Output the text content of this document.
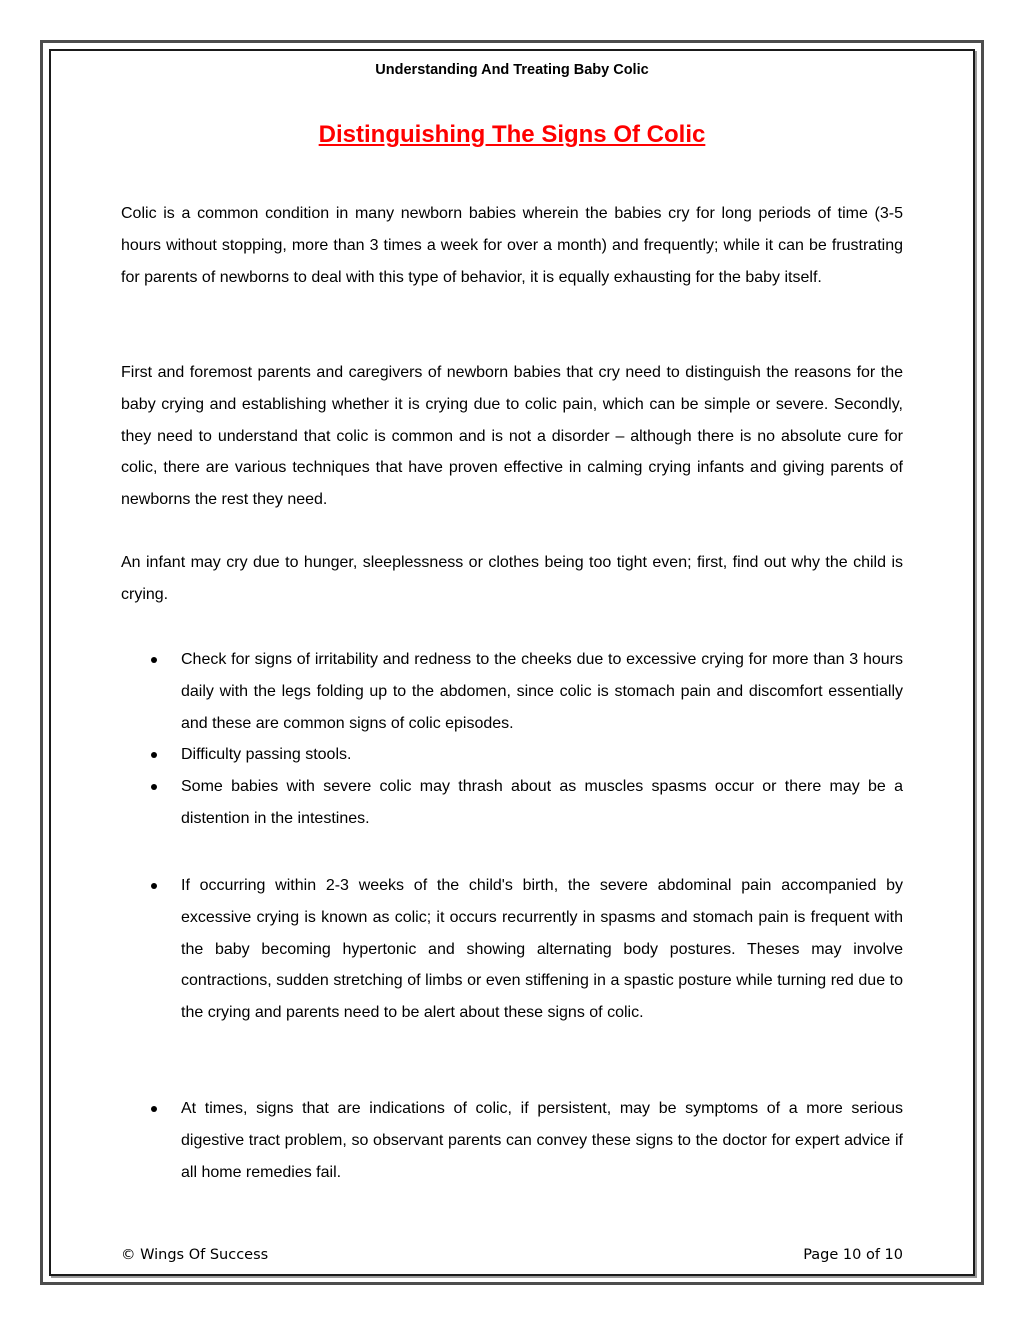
Understanding And Treating Baby Colic
Distinguishing The Signs Of Colic

Colic is a common condition in many newborn babies wherein the babies cry for long periods of time (3-5 hours without stopping, more than 3 times a week for over a month) and frequently; while it can be frustrating for parents of newborns to deal with this type of behavior, it is equally exhausting for the baby itself.

First and foremost parents and caregivers of newborn babies that cry need to distinguish the reasons for the baby crying and establishing whether it is crying due to colic pain, which can be simple or severe. Secondly, they need to understand that colic is common and is not a disorder – although there is no absolute cure for colic, there are various techniques that have proven effective in calming crying infants and giving parents of newborns the rest they need.

An infant may cry due to hunger, sleeplessness or clothes being too tight even; first, find out why the child is crying.

Check for signs of irritability and redness to the cheeks due to excessive crying for more than 3 hours daily with the legs folding up to the abdomen, since colic is stomach pain and discomfort essentially and these are common signs of colic episodes.
Difficulty passing stools.
Some babies with severe colic may thrash about as muscles spasms occur or there may be a distention in the intestines.
If occurring within 2-3 weeks of the child's birth, the severe abdominal pain accompanied by excessive crying is known as colic; it occurs recurrently in spasms and stomach pain is frequent with the baby becoming hypertonic and showing alternating body postures. Theses may involve contractions, sudden stretching of limbs or even stiffening in a spastic posture while turning red due to the crying and parents need to be alert about these signs of colic.
At times, signs that are indications of colic, if persistent, may be symptoms of a more serious digestive tract problem, so observant parents can convey these signs to the doctor for expert advice if all home remedies fail.
© Wings Of Success	Page 10 of 10
